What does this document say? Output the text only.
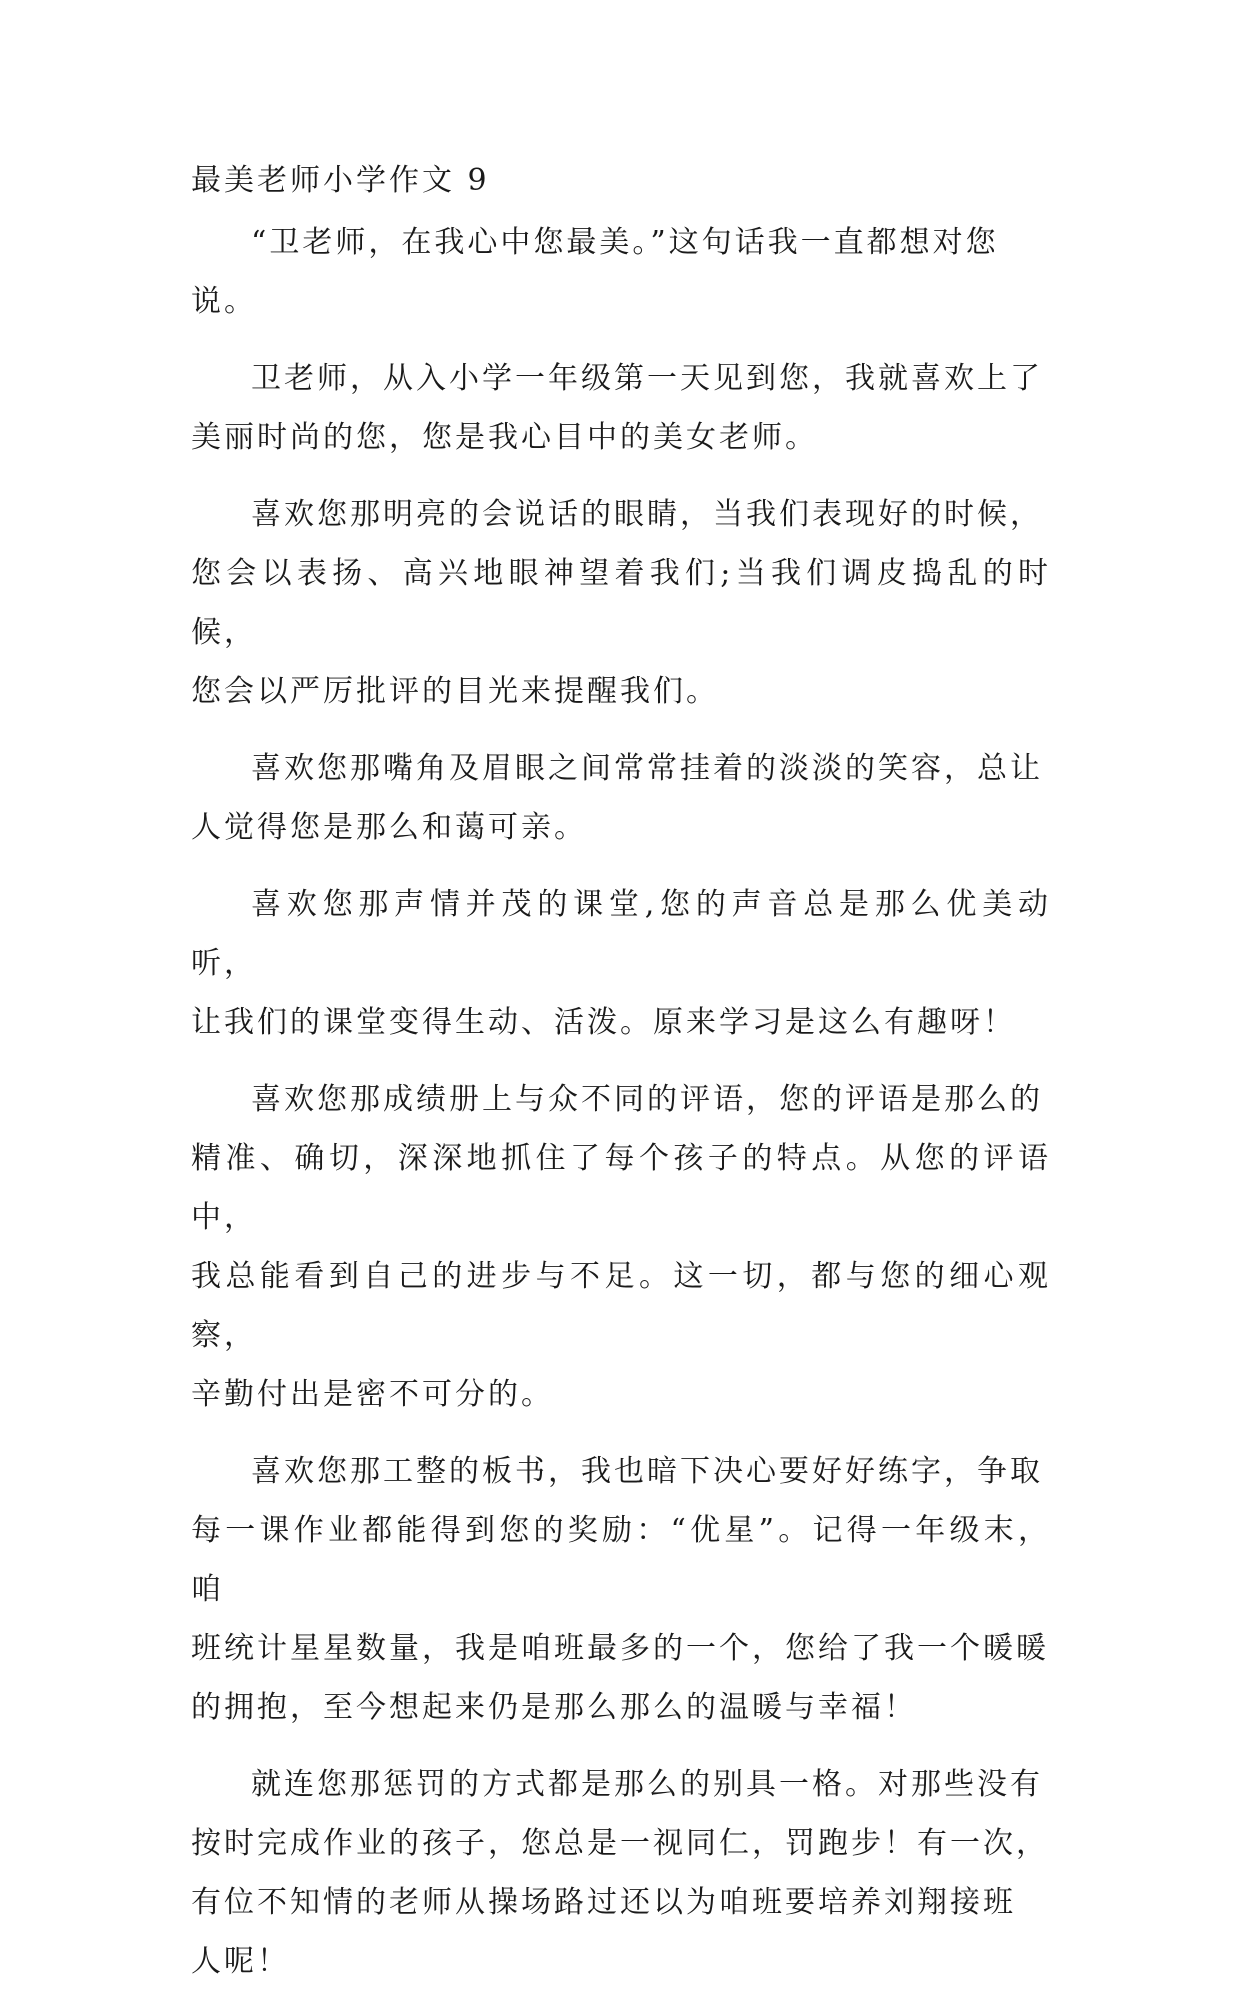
最美老师小学作文 9

“卫老师，在我心中您最美。”这句话我一直都想对您
说。

卫老师，从入小学一年级第一天见到您，我就喜欢上了
美丽时尚的您，您是我心目中的美女老师。

喜欢您那明亮的会说话的眼睛，当我们表现好的时候，
您会以表扬、高兴地眼神望着我们;当我们调皮捣乱的时候，
您会以严厉批评的目光来提醒我们。

喜欢您那嘴角及眉眼之间常常挂着的淡淡的笑容，总让
人觉得您是那么和蔼可亲。

喜欢您那声情并茂的课堂,您的声音总是那么优美动听，
让我们的课堂变得生动、活泼。原来学习是这么有趣呀！

喜欢您那成绩册上与众不同的评语，您的评语是那么的
精准、确切，深深地抓住了每个孩子的特点。从您的评语中，
我总能看到自己的进步与不足。这一切，都与您的细心观察，
辛勤付出是密不可分的。

喜欢您那工整的板书，我也暗下决心要好好练字，争取
每一课作业都能得到您的奖励：“优星”。记得一年级末，咱
班统计星星数量，我是咱班最多的一个，您给了我一个暖暖
的拥抱，至今想起来仍是那么那么的温暖与幸福！

就连您那惩罚的方式都是那么的别具一格。对那些没有
按时完成作业的孩子，您总是一视同仁，罚跑步！有一次，
有位不知情的老师从操场路过还以为咱班要培养刘翔接班
人呢！
